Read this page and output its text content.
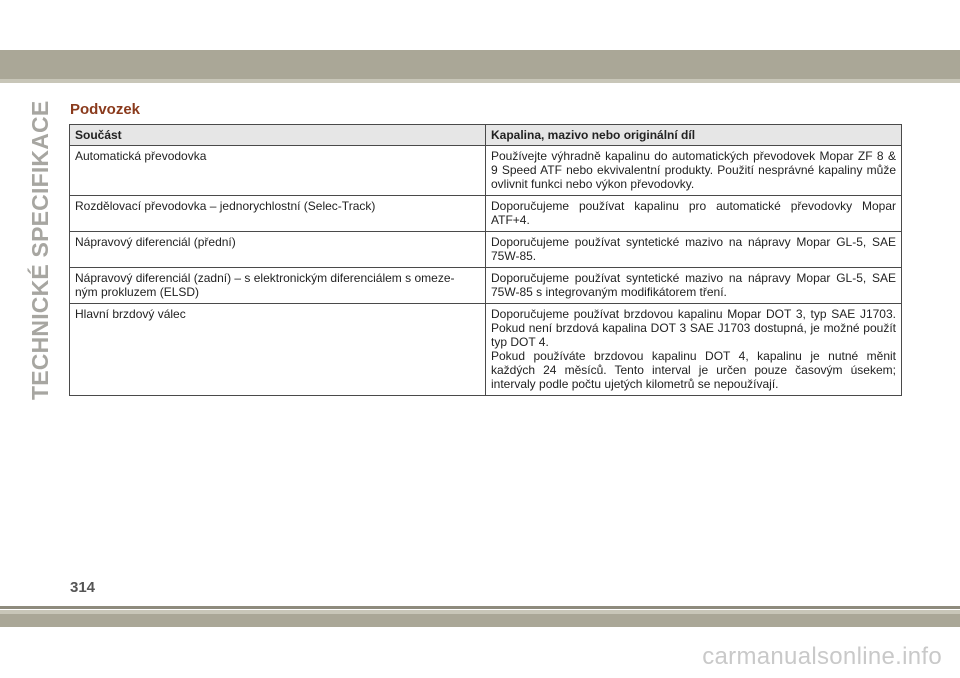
TECHNICKÉ SPECIFIKACE Podvozek
Součást	Kapalina, mazivo nebo originální díl
Automatická převodovka	Používejte výhradně kapalinu do automatických převodovek Mopar ZF 8 & 9 Speed ATF nebo ekvivalentní produkty. Použití nesprávné kapaliny může ovlivnit funkci nebo výkon převodovky.
Rozdělovací převodovka – jednorychlostní (Selec-Track)	Doporučujeme používat kapalinu pro automatické převodovky Mopar ATF+4.
Nápravový diferenciál (přední)	Doporučujeme používat syntetické mazivo na nápravy Mopar GL-5, SAE 75W-85.
Nápravový diferenciál (zadní) – s elektronickým diferenciálem s omeze-
ným prokluzem (ELSD)	Doporučujeme používat syntetické mazivo na nápravy Mopar GL-5, SAE 75W-85 s integrovaným modifikátorem tření.
Hlavní brzdový válec	Doporučujeme používat brzdovou kapalinu Mopar DOT 3, typ SAE J1703. Pokud není brzdová kapalina DOT 3 SAE J1703 dostupná, je možné použít typ DOT 4.
Pokud používáte brzdovou kapalinu DOT 4, kapalinu je nutné měnit každých 24 měsíců. Tento interval je určen pouze časovým úsekem; intervaly podle počtu ujetých kilometrů se nepoužívají.
314
carmanualsonline.info
